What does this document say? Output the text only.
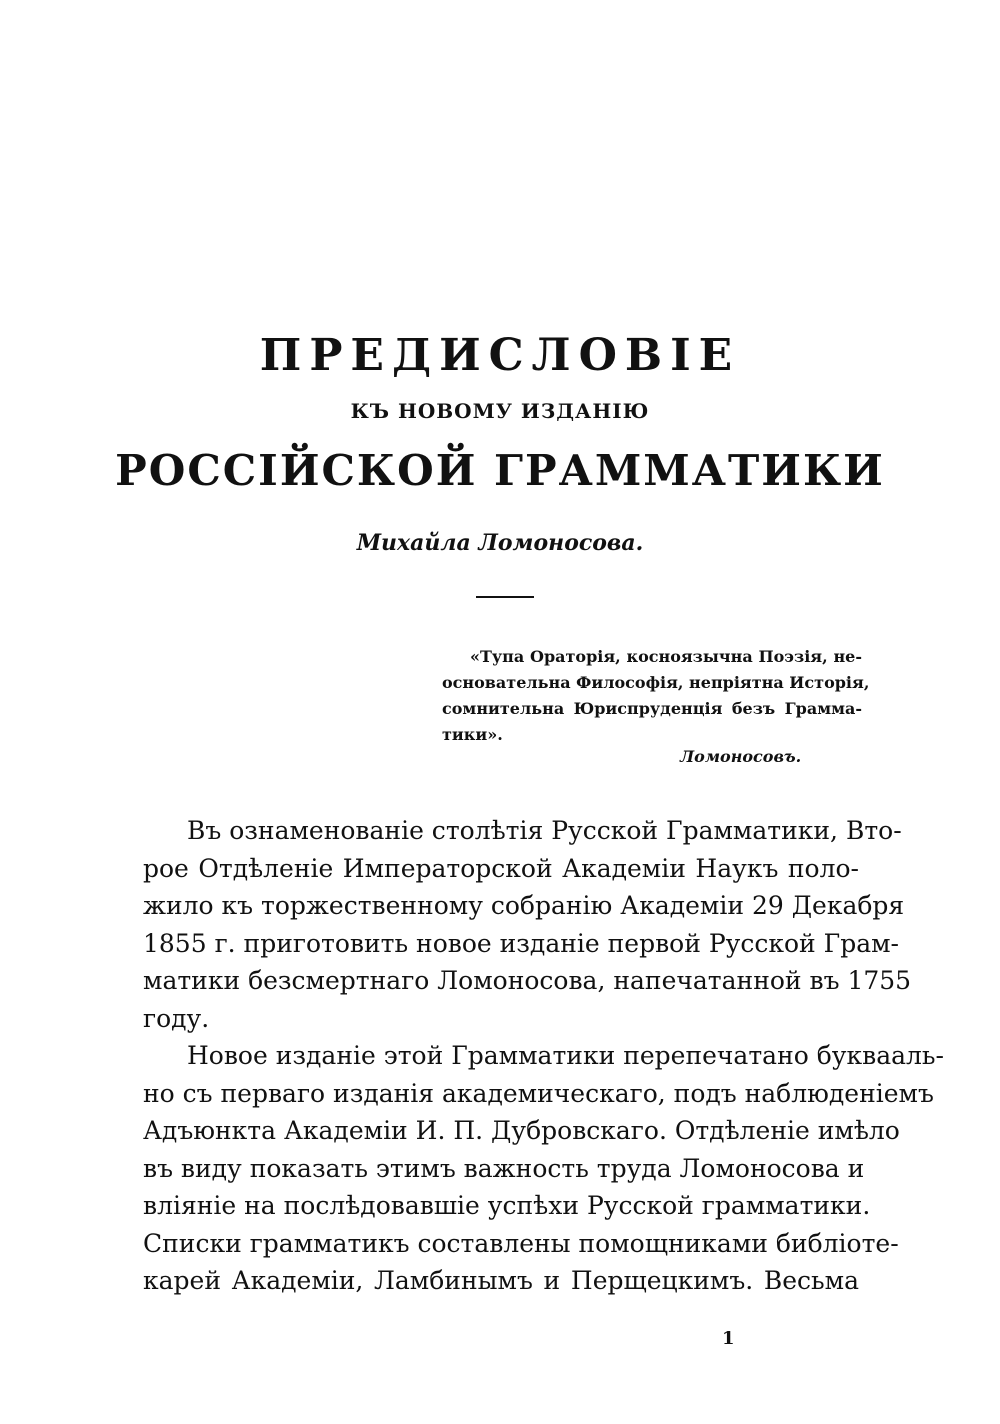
ПРЕДИСЛОВІЕ
КЪ НОВОМУ ИЗДАНІЮ
РОССІЙСКОЙ ГРАММАТИКИ
Михайла Ломоносова.
«Тупа Ораторія, косноязычна Поэзія, не-
основательна Философія, непріятна Исторія,
сомнительна Юриспруденція безъ Грамма-
тики».
Ломоносовъ.
Въ ознаменованіе столѣтія Русской Грамматики, Вто-
рое Отдѣленіе Императорской Академіи Наукъ поло-
жило къ торжественному собранію Академіи 29 Декабря
1855 г. приготовить новое изданіе первой Русской Грам-
матики безсмертнаго Ломоносова, напечатанной въ 1755
году.
Новое изданіе этой Грамматики перепечатано буквааль-
но съ перваго изданія академическаго, подъ наблюденіемъ
Адъюнкта Академіи И. П. Дубровскаго. Отдѣленіе имѣло
въ виду показать этимъ важность труда Ломоносова и
вліяніе на послѣдовавшіе успѣхи Русской грамматики.
Списки грамматикъ составлены помощниками библіоте-
карей Академіи, Ламбинымъ и Перщецкимъ. Весьма
1
